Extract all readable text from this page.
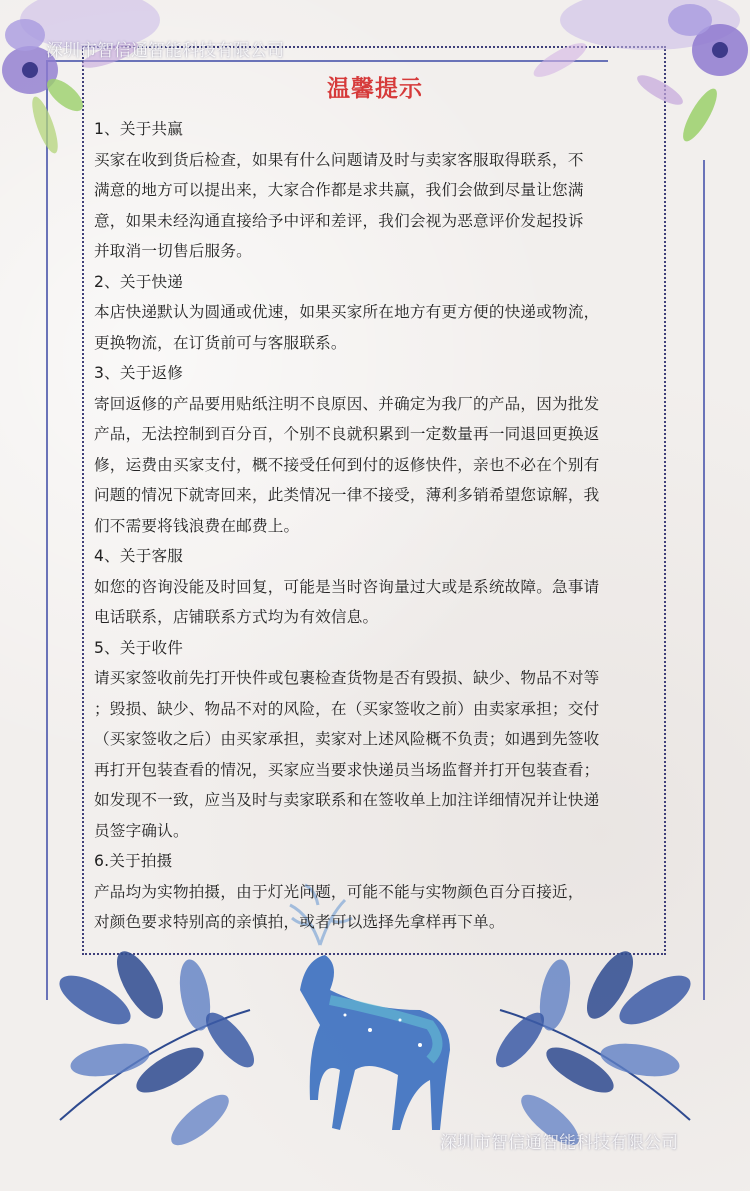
深圳市智信通智能科技有限公司
温馨提示

1、关于共赢

买家在收到货后检查，如果有什么问题请及时与卖家客服取得联系，不

满意的地方可以提出来，大家合作都是求共赢，我们会做到尽量让您满

意，如果未经沟通直接给予中评和差评，我们会视为恶意评价发起投诉

并取消一切售后服务。

2、关于快递

本店快递默认为圆通或优速，如果买家所在地方有更方便的快递或物流，

更换物流，在订货前可与客服联系。

3、关于返修

寄回返修的产品要用贴纸注明不良原因、并确定为我厂的产品，因为批发

产品，无法控制到百分百，个别不良就积累到一定数量再一同退回更换返

修，运费由买家支付，概不接受任何到付的返修快件，亲也不必在个别有

问题的情况下就寄回来，此类情况一律不接受，薄利多销希望您谅解，我

们不需要将钱浪费在邮费上。

4、关于客服

如您的咨询没能及时回复，可能是当时咨询量过大或是系统故障。急事请

电话联系，店铺联系方式均为有效信息。

5、关于收件

请买家签收前先打开快件或包裹检查货物是否有毁损、缺少、物品不对等

；毁损、缺少、物品不对的风险，在（买家签收之前）由卖家承担；交付

（买家签收之后）由买家承担，卖家对上述风险概不负责；如遇到先签收

再打开包装查看的情况，买家应当要求快递员当场监督并打开包装查看；

如发现不一致，应当及时与卖家联系和在签收单上加注详细情况并让快递

员签字确认。

6.关于拍摄

产品均为实物拍摄，由于灯光问题，可能不能与实物颜色百分百接近，

对颜色要求特别高的亲慎拍，或者可以选择先拿样再下单。

深圳市智信通智能科技有限公司
